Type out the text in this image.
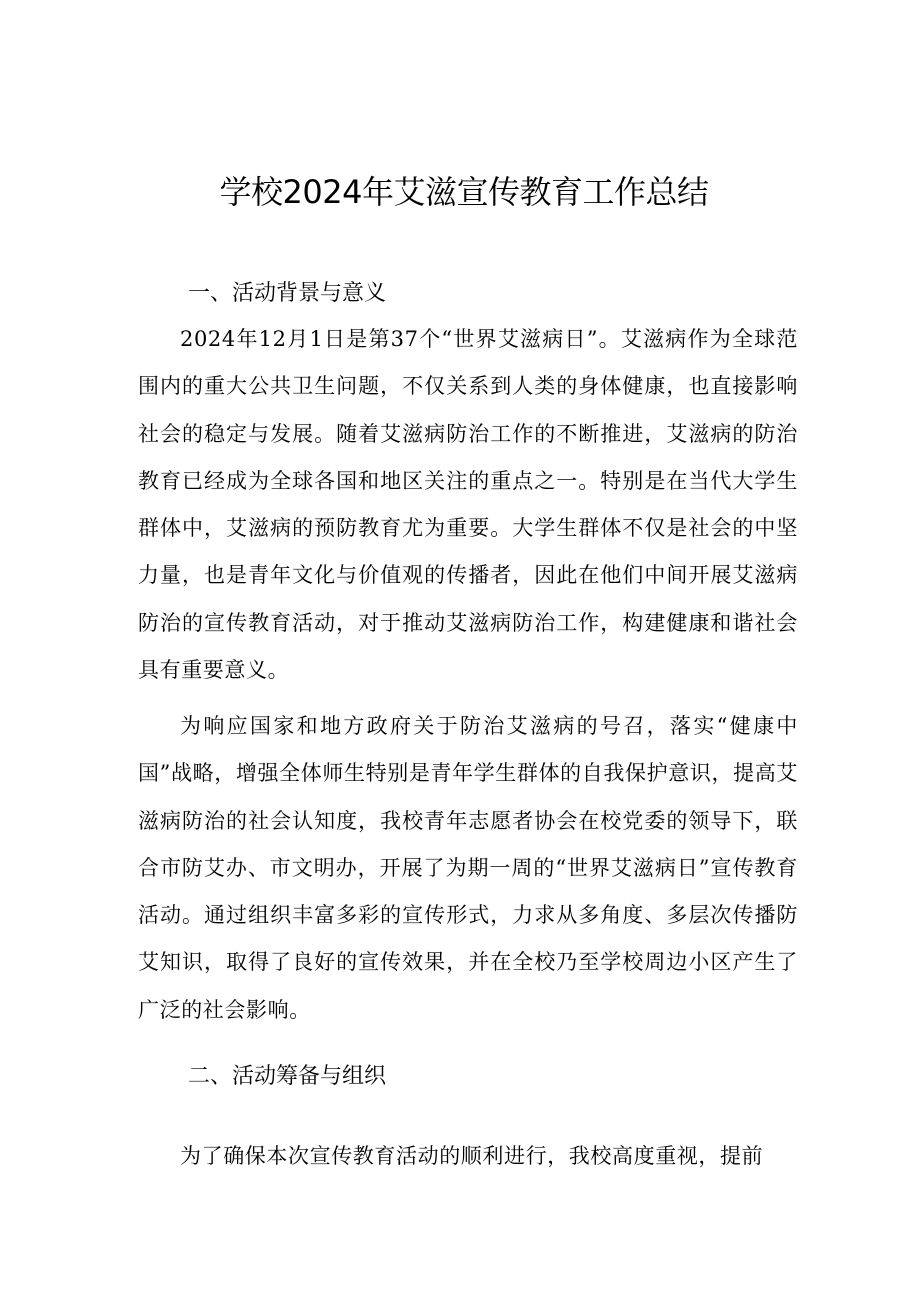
学校2024年艾滋宣传教育工作总结
一、活动背景与意义

2024年12月1日是第37个“世界艾滋病日”。艾滋病作为全球范围内的重大公共卫生问题，不仅关系到人类的身体健康，也直接影响社会的稳定与发展。随着艾滋病防治工作的不断推进，艾滋病的防治教育已经成为全球各国和地区关注的重点之一。特别是在当代大学生群体中，艾滋病的预防教育尤为重要。大学生群体不仅是社会的中坚力量，也是青年文化与价值观的传播者，因此在他们中间开展艾滋病防治的宣传教育活动，对于推动艾滋病防治工作，构建健康和谐社会具有重要意义。

为响应国家和地方政府关于防治艾滋病的号召，落实“健康中国”战略，增强全体师生特别是青年学生群体的自我保护意识，提高艾滋病防治的社会认知度，我校青年志愿者协会在校党委的领导下，联合市防艾办、市文明办，开展了为期一周的“世界艾滋病日”宣传教育活动。通过组织丰富多彩的宣传形式，力求从多角度、多层次传播防艾知识，取得了良好的宣传效果，并在全校乃至学校周边小区产生了广泛的社会影响。

二、活动筹备与组织

为了确保本次宣传教育活动的顺利进行，我校高度重视，提前
